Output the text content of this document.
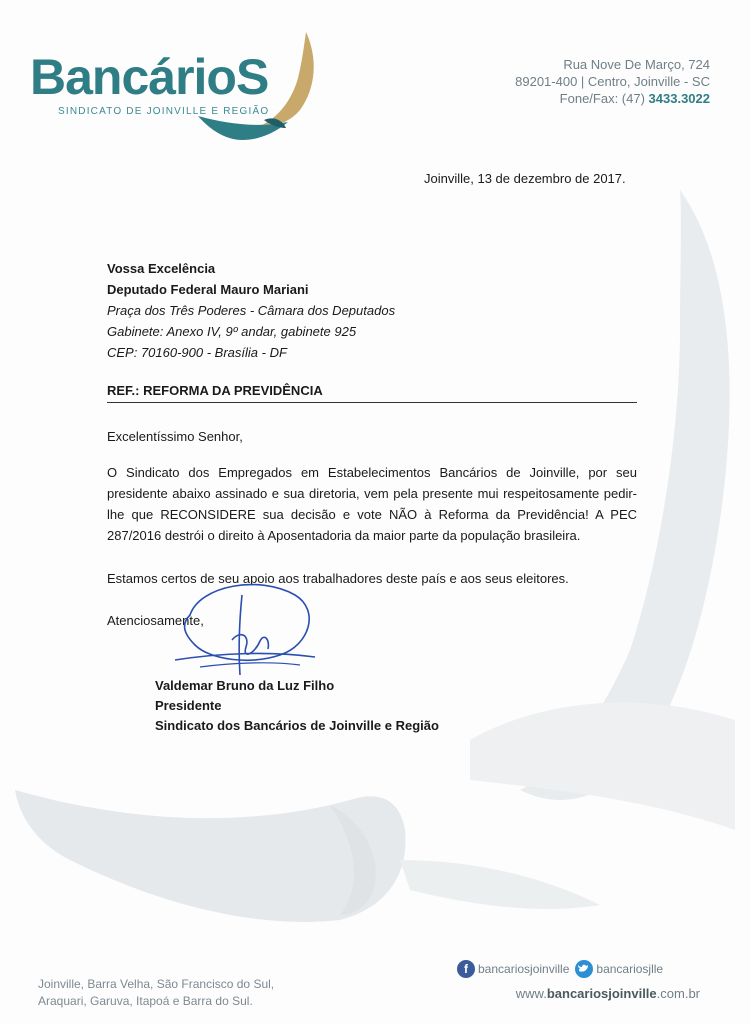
BancárioS
SINDICATO DE JOINVILLE E REGIÃO
Rua Nove De Março, 724
89201-400 | Centro, Joinville - SC
Fone/Fax: (47) 3433.3022
Joinville, 13 de dezembro de 2017.
Vossa Excelência
Deputado Federal Mauro Mariani
Praça dos Três Poderes - Câmara dos Deputados
Gabinete: Anexo IV, 9º andar, gabinete 925
CEP: 70160-900 - Brasília - DF
REF.: REFORMA DA PREVIDÊNCIA
Excelentíssimo Senhor,
O Sindicato dos Empregados em Estabelecimentos Bancários de Joinville, por seu presidente abaixo assinado e sua diretoria, vem pela presente mui respeitosamente pedir-lhe que RECONSIDERE sua decisão e vote NÃO à Reforma da Previdência! A PEC 287/2016 destrói o direito à Aposentadoria da maior parte da população brasileira.
Estamos certos de seu apoio aos trabalhadores deste país e aos seus eleitores.
Atenciosamente,
Valdemar Bruno da Luz Filho
Presidente
Sindicato dos Bancários de Joinville e Região
Joinville, Barra Velha, São Francisco do Sul,
Araquari, Garuva, Itapoá e Barra do Sul.
f bancariosjoinville bancariosjlle
www.bancariosjoinville.com.br
